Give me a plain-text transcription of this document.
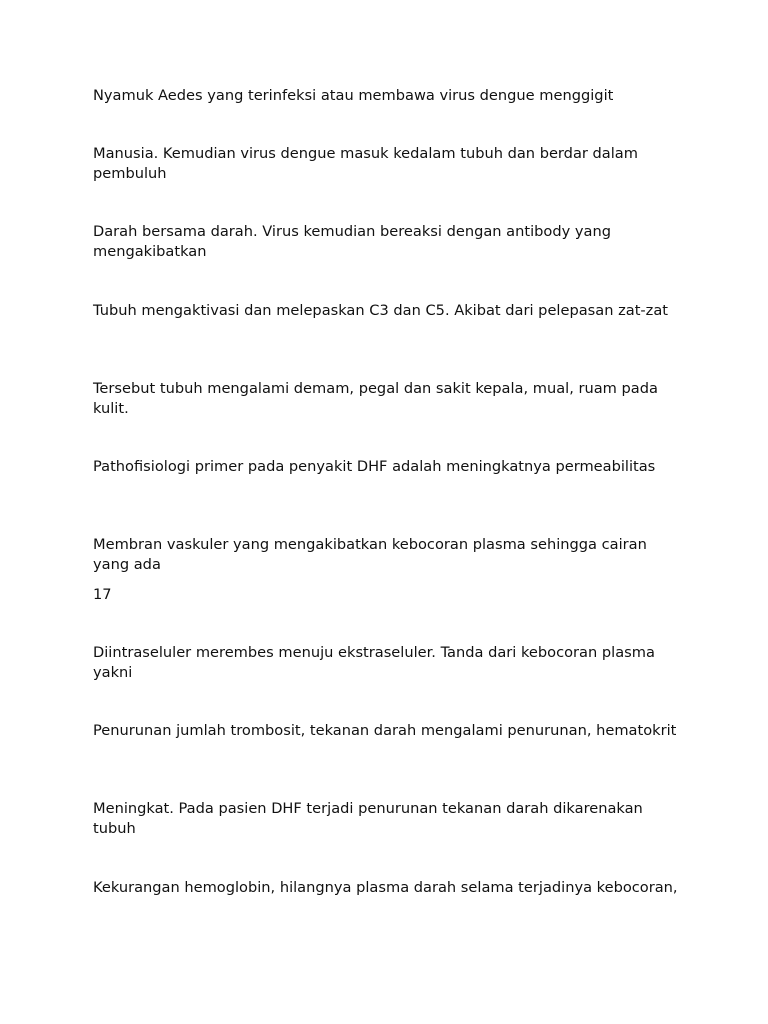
Nyamuk Aedes yang terinfeksi atau membawa virus dengue menggigit

Manusia. Kemudian virus dengue masuk kedalam tubuh dan berdar dalam pembuluh

Darah bersama darah. Virus kemudian bereaksi dengan antibody yang mengakibatkan

Tubuh mengaktivasi dan melepaskan C3 dan C5. Akibat dari pelepasan zat-zat

Tersebut tubuh mengalami demam, pegal dan sakit kepala, mual, ruam pada kulit.

Pathofisiologi primer pada penyakit DHF adalah meningkatnya permeabilitas

Membran vaskuler yang mengakibatkan kebocoran plasma sehingga cairan yang ada

17

Diintraseluler merembes menuju ekstraseluler. Tanda dari kebocoran plasma yakni

Penurunan jumlah trombosit, tekanan darah mengalami penurunan, hematokrit

Meningkat. Pada pasien DHF terjadi penurunan tekanan darah dikarenakan tubuh

Kekurangan hemoglobin, hilangnya plasma darah selama terjadinya kebocoran,
